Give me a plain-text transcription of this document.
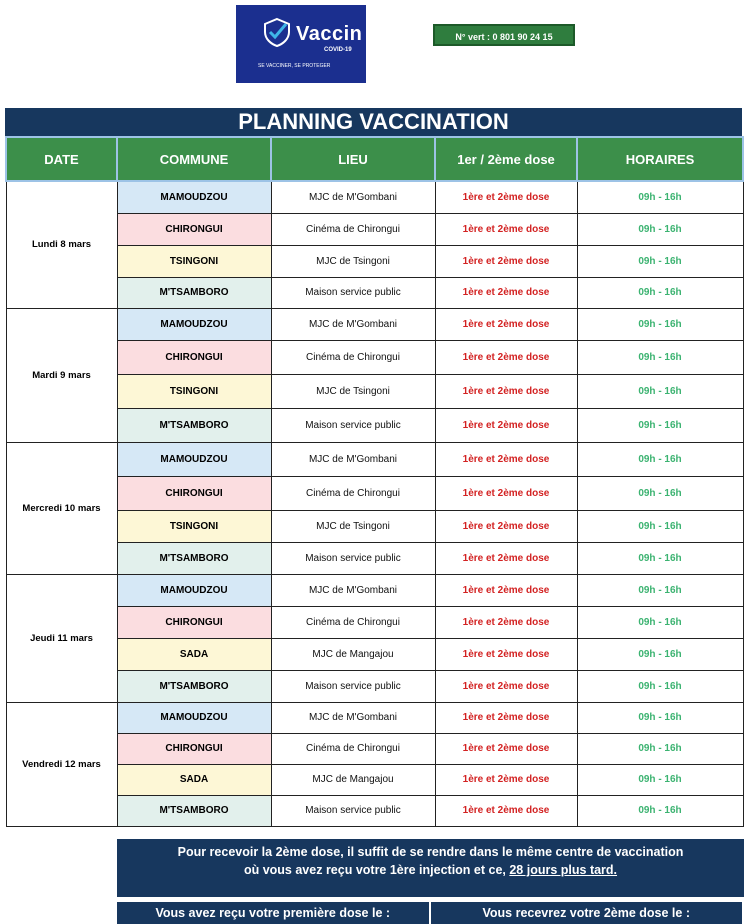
Vaccin
COVID-19
SE VACCINER, SE PROTEGER
N° vert : 0 801 90 24 15
PLANNING VACCINATION
DATE	COMMUNE	LIEU	1er / 2ème dose	HORAIRES
Lundi 8 mars	MAMOUDZOU	MJC de M'Gombani	1ère et 2ème dose	09h - 16h
	CHIRONGUI	Cinéma de Chirongui	1ère et 2ème dose	09h - 16h
	TSINGONI	MJC de Tsingoni	1ère et 2ème dose	09h - 16h
	M'TSAMBORO	Maison service public	1ère et 2ème dose	09h - 16h
Mardi 9 mars	MAMOUDZOU	MJC de M'Gombani	1ère et 2ème dose	09h - 16h
	CHIRONGUI	Cinéma de Chirongui	1ère et 2ème dose	09h - 16h
	TSINGONI	MJC de Tsingoni	1ère et 2ème dose	09h - 16h
	M'TSAMBORO	Maison service public	1ère et 2ème dose	09h - 16h
Mercredi 10 mars	MAMOUDZOU	MJC de M'Gombani	1ère et 2ème dose	09h - 16h
	CHIRONGUI	Cinéma de Chirongui	1ère et 2ème dose	09h - 16h
	TSINGONI	MJC de Tsingoni	1ère et 2ème dose	09h - 16h
	M'TSAMBORO	Maison service public	1ère et 2ème dose	09h - 16h
Jeudi 11 mars	MAMOUDZOU	MJC de M'Gombani	1ère et 2ème dose	09h - 16h
	CHIRONGUI	Cinéma de Chirongui	1ère et 2ème dose	09h - 16h
	SADA	MJC de Mangajou	1ère et 2ème dose	09h - 16h
	M'TSAMBORO	Maison service public	1ère et 2ème dose	09h - 16h
Vendredi 12 mars	MAMOUDZOU	MJC de M'Gombani	1ère et 2ème dose	09h - 16h
	CHIRONGUI	Cinéma de Chirongui	1ère et 2ème dose	09h - 16h
	SADA	MJC de Mangajou	1ère et 2ème dose	09h - 16h
	M'TSAMBORO	Maison service public	1ère et 2ème dose	09h - 16h
Pour recevoir la 2ème dose, il suffit de se rendre dans le même centre de vaccination
où vous avez reçu votre 1ère injection et ce, 28 jours plus tard.
Vous avez reçu votre première dose le :	Vous recevrez votre 2ème dose le :
